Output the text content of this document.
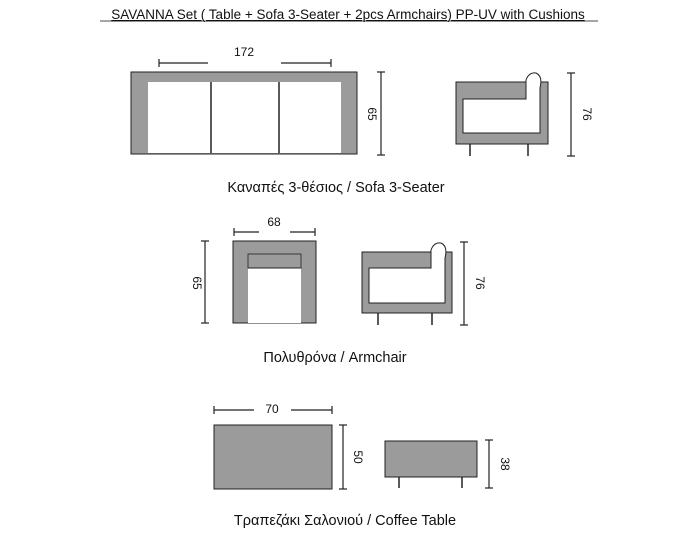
SAVANNA Set ( Table + Sofa 3-Seater + 2pcs Armchairs) PP-UV with Cushions
172
65	76
Καναπές 3-θέσιος / Sofa 3-Seater
68
65	76
Πολυθρόνα / Armchair
70
50
38
Τραπεζάκι Σαλονιού / Coffee Table
